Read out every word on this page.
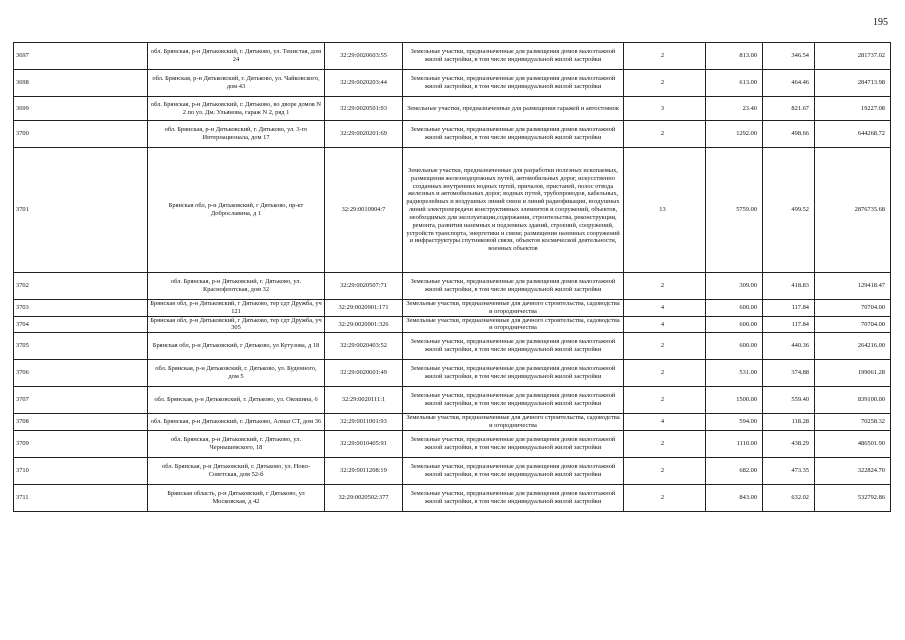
195
3697	обл. Брянская, р-н Дятьковский, г. Дятьково, ул. Тенистая, дом 24	32:29:0020603:55	Земельные участки, предназначенные для размещения домов малоэтажной жилой застройки, в том числе индивидуальной жилой застройки	2	813.00	346.54	281737.02
3698	обл. Брянская, р-н Дятьковский, г. Дятьково, ул. Чайковского, дом 43	32:29:0020203:44	Земельные участки, предназначенные для размещения домов малоэтажной жилой застройки, в том числе индивидуальной жилой застройки	2	613.00	464.46	284713.98
3699	обл. Брянская, р-н Дятьковский, г. Дятьково, во дворе домов N 2 по ул. Дм. Ульянова, гараж N 2, ряд 1	32:29:0020501:93	Земельные участки, предназначенные для размещения гаражей и автостоянок	3	23.40	821.67	19227.08
3700	обл. Брянская, р-н Дятьковский, г. Дятьково, ул. 3-го Интернационала, дом 17	32:29:0020201:69	Земельные участки, предназначенные для размещения домов малоэтажной жилой застройки, в том числе индивидуальной жилой застройки	2	1292.00	498.66	644268.72
3701	Брянская обл, р-н Дятьковский, г Дятьково, пр-кт Доброславина, д 1	32:29:0010904:7	Земельные участки, предназначенные для разработки полезных ископаемых, размещения железнодорожных путей, автомобильных дорог, искусственно созданных внутренних водных путей, причалов, пристаней, полос отвода железных и автомобильных дорог, водных путей, трубопроводов, кабельных, радиорелейных и воздушных линий связи и линий радиофикации, воздушных линий электропередачи конструктивных элементов и сооружений, объектов, необходимых для эксплуатации,содержания, строительства, реконструкции, ремонта, развития наземных и подземных зданий, строений, сооружений, устройств транспорта, энергетики и связи; размещения наземных сооружений и инфраструктуры спутниковой связи, объектов космической деятельности, военных объектов	13	5759.00	499.52	2876735.68
3702	обл. Брянская, р-н Дятьковский, г. Дятьково, ул. Краснофлотская, дом 32	32:29:0020507:71	Земельные участки, предназначенные для размещения домов малоэтажной жилой застройки, в том числе индивидуальной жилой застройки	2	309.00	418.83	129418.47
3703	Брянская обл, р-н Дятьковский, г Дятьково, тер сдт Дружба, уч 121	32:29:0020901:171	Земельные участки, предназначенные для дачного строительства, садоводства и огородничества	4	600.00	117.84	70704.00
3704	Брянская обл, р-н Дятьковский, г Дятьково, тер сдт Дружба, уч 305	32:29:0020901:326	Земельные участки, предназначенные для дачного строительства, садоводства и огородничества	4	600.00	117.84	70704.00
3705	Брянская обл, р-н Дятьковский, г Дятьково, ул Кутузова, д 18	32:29:0020403:52	Земельные участки, предназначенные для размещения домов малоэтажной жилой застройки, в том числе индивидуальной жилой застройки	2	600.00	440.36	264216.00
3706	обл. Брянская, р-н Дятьковский, г. Дятьково, ул. Буденного, дом 5	32:29:0020601:49	Земельные участки, предназначенные для размещения домов малоэтажной жилой застройки, в том числе индивидуальной жилой застройки	2	531.00	374.88	199061.28
3707	обл. Брянская, р-н Дятьковский, г. Дятьково, ул. Окошина, 6	32:29:0020111:1	Земельные участки, предназначенные для размещения домов малоэтажной жилой застройки, в том числе индивидуальной жилой застройки	2	1500.00	559.40	839100.00
3708	обл. Брянская, р-н Дятьковский, г. Дятьково, Алмаз СТ, дом 36	32:29:0011001:93	Земельные участки, предназначенные для дачного строительства, садоводства и огородничества	4	594.00	118.28	70258.32
3709	обл. Брянская, р-н Дятьковский, г. Дятьково, ул. Чернышевского, 18	32:29:0010405:91	Земельные участки, предназначенные для размещения домов малоэтажной жилой застройки, в том числе индивидуальной жилой застройки	2	1110.00	438.29	486501.90
3710	обл. Брянская, р-н Дятьковский, г. Дятьково, ул. Ново-Советская, дом 52-б	32:29:0011208:19	Земельные участки, предназначенные для размещения домов малоэтажной жилой застройки, в том числе индивидуальной жилой застройки	2	682.00	473.35	322824.70
3711	Брянская область, р-н Дятьковский, г Дятьково, ул Московская, д 42	32:29:0020502:377	Земельные участки, предназначенные для размещения домов малоэтажной жилой застройки, в том числе индивидуальной жилой застройки	2	843.00	632.02	532792.86
